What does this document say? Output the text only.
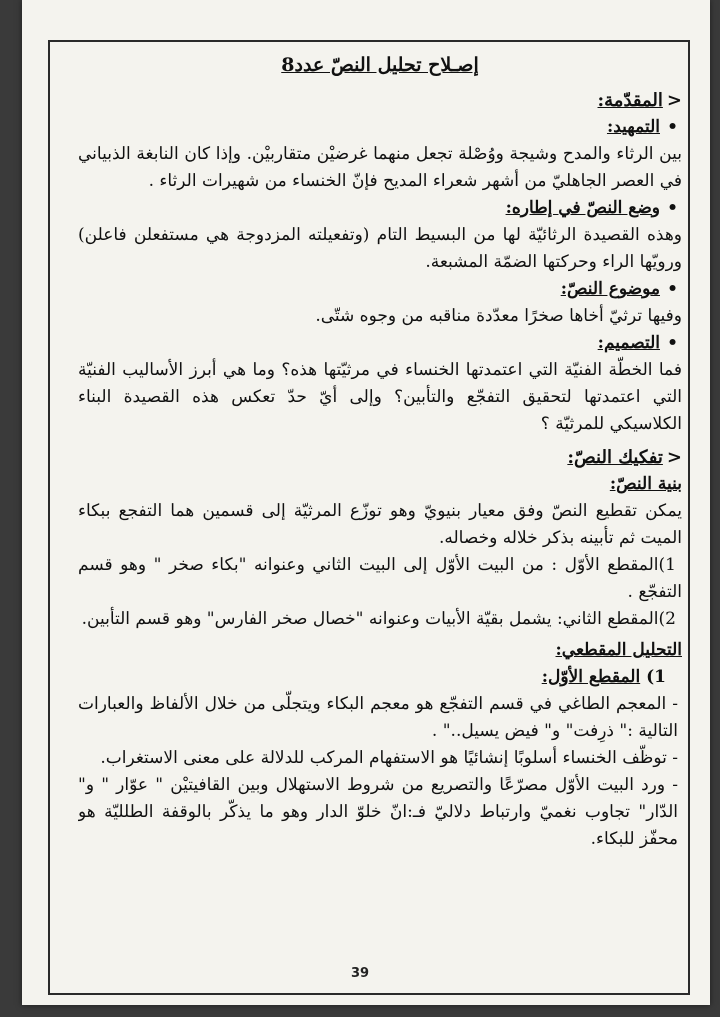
إصـلاح تحليل النصّ عدد8
<المقدّمة:
• التمهيد:
بين الرثاء والمدح وشيجة ووُصْلة تجعل منهما غرضيْن متقاربيْن. وإذا كان النابغة الذبياني في العصر الجاهليّ من أشهر شعراء المديح فإنّ الخنساء من شهيرات الرثاء .
• وضع النصّ في إطاره:
وهذه القصيدة الرثائيّة لها من البسيط التام (وتفعيلته المزدوجة هي مستفعلن فاعلن) ورويّها الراء وحركتها الضمّة المشبعة.
• موضوع النصّ:
وفيها ترثيّ أخاها صخرًا معدّدة مناقبه من وجوه شتّى.
• التصميم:
فما الخطّة الفنيّة التي اعتمدتها الخنساء في مرثيّتها هذه؟ وما هي أبرز الأساليب الفنيّة التي اعتمدتها لتحقيق التفجّع والتأبين؟ وإلى أيّ حدّ تعكس هذه القصيدة البناء الكلاسيكي للمرثيّة ؟
<تفكيك النصّ:
بنية النصّ:
يمكن تقطيع النصّ وفق معيار بنيويّ وهو توزّع المرثيّة إلى قسمين هما التفجع ببكاء الميت ثم تأبينه بذكر خلاله وخصاله.
1)المقطع الأوّل : من البيت الأوّل إلى البيت الثاني وعنوانه "بكاء صخر " وهو قسم التفجّع .
2)المقطع الثاني: يشمل بقيّة الأبيات وعنوانه "خصال صخر الفارس" وهو قسم التأبين.
التحليل المقطعي:
1) المقطع الأوّل:
- المعجم الطاغي في قسم التفجّع هو معجم البكاء ويتجلّى من خلال الألفاظ والعبارات التالية :" ذرِفت" و" فيض يسيل.." .
- توظّف الخنساء أسلوبًا إنشائيًا هو الاستفهام المركب للدلالة على معنى الاستغراب.
- ورد البيت الأوّل مصرّعًا والتصريع من شروط الاستهلال وبين القافيتيْن " عوّار " و" الدّار" تجاوب نغميّ وارتباط دلاليّ فـ:انّ خلوّ الدار وهو ما يذكّر بالوقفة الطلليّة هو محفّز للبكاء.
39
